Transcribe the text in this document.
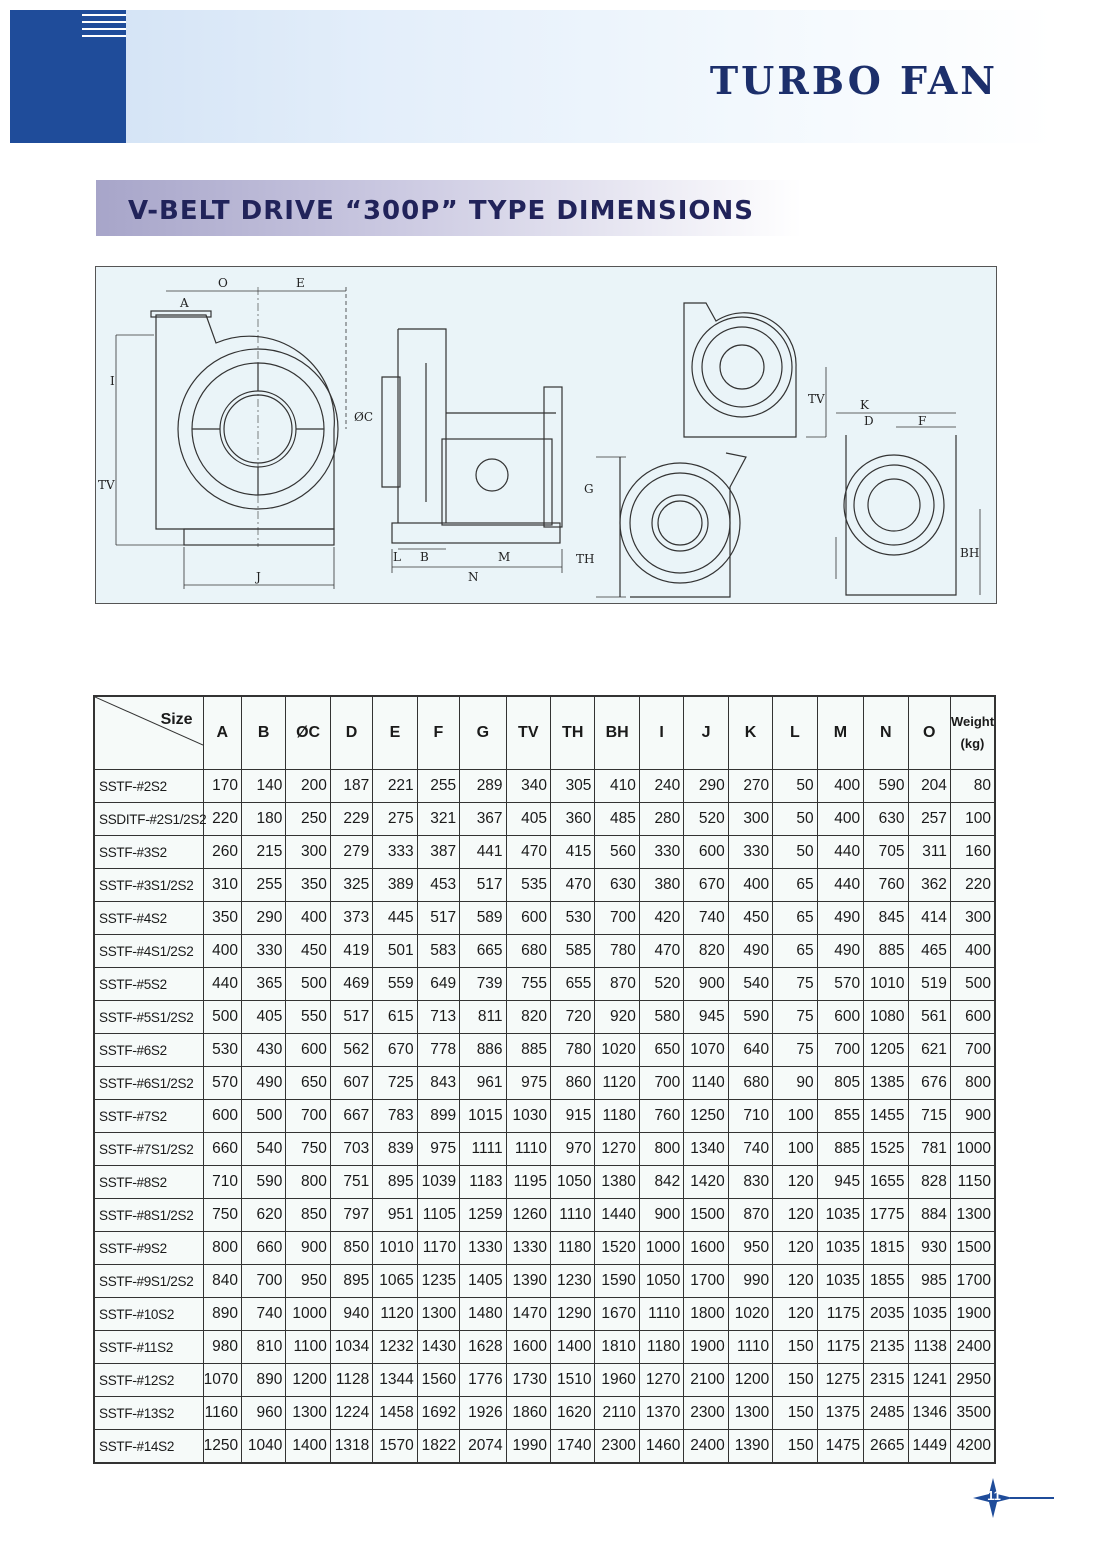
TURBO FAN
V-BELT DRIVE “300P” TYPE DIMENSIONS
O	E
A
I
TV
J
ØC
L B	M
N
G
TH
TV	K
D	F
BH
Size	A	B	ØC	D	E	F	G	TV	TH	BH	I	J	K	L	M	N	O	Weight
(kg)

SSTF-#2S2	170	140	200	187	221	255	289	340	305	410	240	290	270	50	400	590	204	80
SSDITF-#2S1/2S2	220	180	250	229	275	321	367	405	360	485	280	520	300	50	400	630	257	100
SSTF-#3S2	260	215	300	279	333	387	441	470	415	560	330	600	330	50	440	705	311	160
SSTF-#3S1/2S2	310	255	350	325	389	453	517	535	470	630	380	670	400	65	440	760	362	220
SSTF-#4S2	350	290	400	373	445	517	589	600	530	700	420	740	450	65	490	845	414	300
SSTF-#4S1/2S2	400	330	450	419	501	583	665	680	585	780	470	820	490	65	490	885	465	400
SSTF-#5S2	440	365	500	469	559	649	739	755	655	870	520	900	540	75	570	1010	519	500
SSTF-#5S1/2S2	500	405	550	517	615	713	811	820	720	920	580	945	590	75	600	1080	561	600
SSTF-#6S2	530	430	600	562	670	778	886	885	780	1020	650	1070	640	75	700	1205	621	700
SSTF-#6S1/2S2	570	490	650	607	725	843	961	975	860	1120	700	1140	680	90	805	1385	676	800
SSTF-#7S2	600	500	700	667	783	899	1015	1030	915	1180	760	1250	710	100	855	1455	715	900
SSTF-#7S1/2S2	660	540	750	703	839	975	1111	1110	970	1270	800	1340	740	100	885	1525	781	1000
SSTF-#8S2	710	590	800	751	895	1039	1183	1195	1050	1380	842	1420	830	120	945	1655	828	1150
SSTF-#8S1/2S2	750	620	850	797	951	1105	1259	1260	1110	1440	900	1500	870	120	1035	1775	884	1300
SSTF-#9S2	800	660	900	850	1010	1170	1330	1330	1180	1520	1000	1600	950	120	1035	1815	930	1500
SSTF-#9S1/2S2	840	700	950	895	1065	1235	1405	1390	1230	1590	1050	1700	990	120	1035	1855	985	1700
SSTF-#10S2	890	740	1000	940	1120	1300	1480	1470	1290	1670	1110	1800	1020	120	1175	2035	1035	1900
SSTF-#11S2	980	810	1100	1034	1232	1430	1628	1600	1400	1810	1180	1900	1110	150	1175	2135	1138	2400
SSTF-#12S2	1070	890	1200	1128	1344	1560	1776	1730	1510	1960	1270	2100	1200	150	1275	2315	1241	2950
SSTF-#13S2	1160	960	1300	1224	1458	1692	1926	1860	1620	2110	1370	2300	1300	150	1375	2485	1346	3500
SSTF-#14S2	1250	1040	1400	1318	1570	1822	2074	1990	1740	2300	1460	2400	1390	150	1475	2665	1449	4200
11
